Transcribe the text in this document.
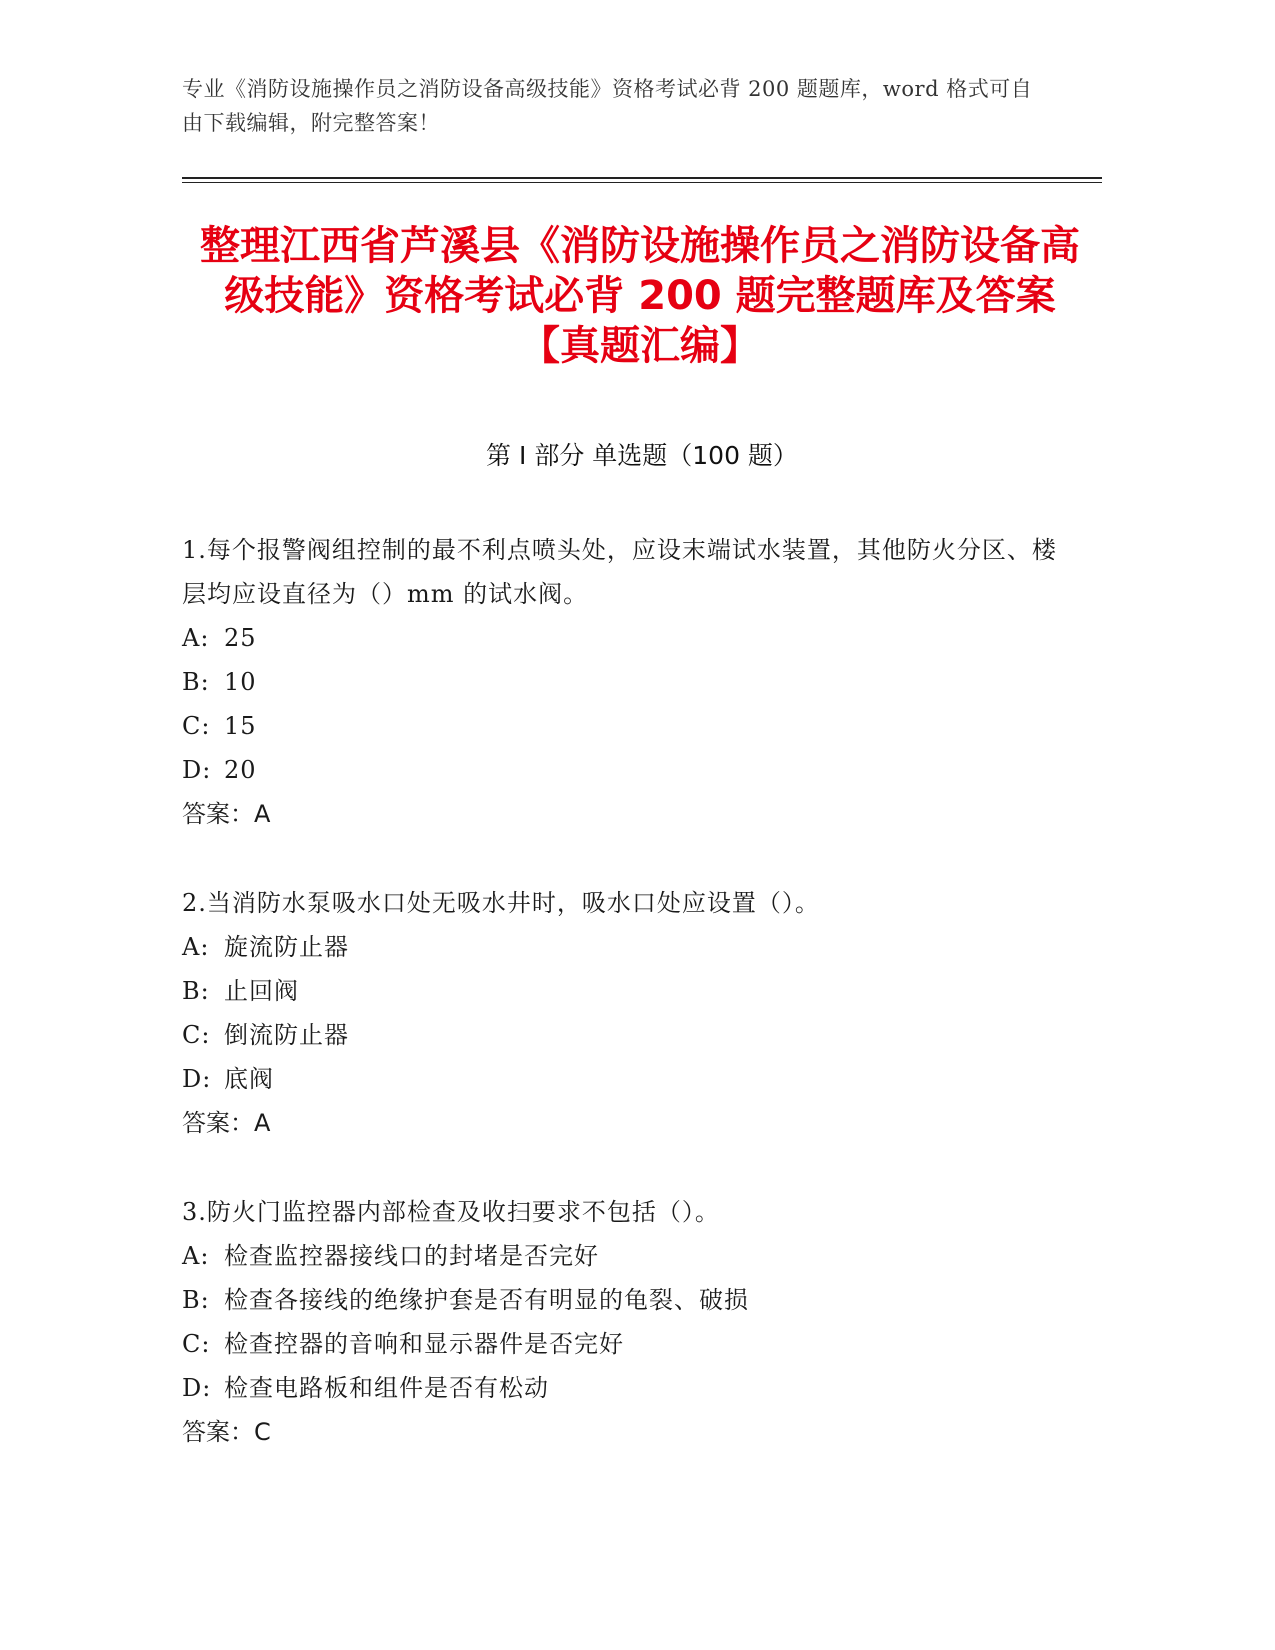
专业《消防设施操作员之消防设备高级技能》资格考试必背 200 题题库，word 格式可自由下载编辑，附完整答案！
整理江西省芦溪县《消防设施操作员之消防设备高级技能》资格考试必背 200 题完整题库及答案【真题汇编】
第 I 部分 单选题（100 题）

1.每个报警阀组控制的最不利点喷头处，应设末端试水装置，其他防火分区、楼层均应设直径为（）mm 的试水阀。

A: 25

B: 10

C: 15

D: 20

答案：A

2.当消防水泵吸水口处无吸水井时，吸水口处应设置（）。

A: 旋流防止器

B: 止回阀

C: 倒流防止器

D: 底阀

答案：A

3.防火门监控器内部检查及收扫要求不包括（）。

A: 检查监控器接线口的封堵是否完好

B: 检查各接线的绝缘护套是否有明显的龟裂、破损

C: 检查控器的音响和显示器件是否完好

D: 检查电路板和组件是否有松动

答案：C
